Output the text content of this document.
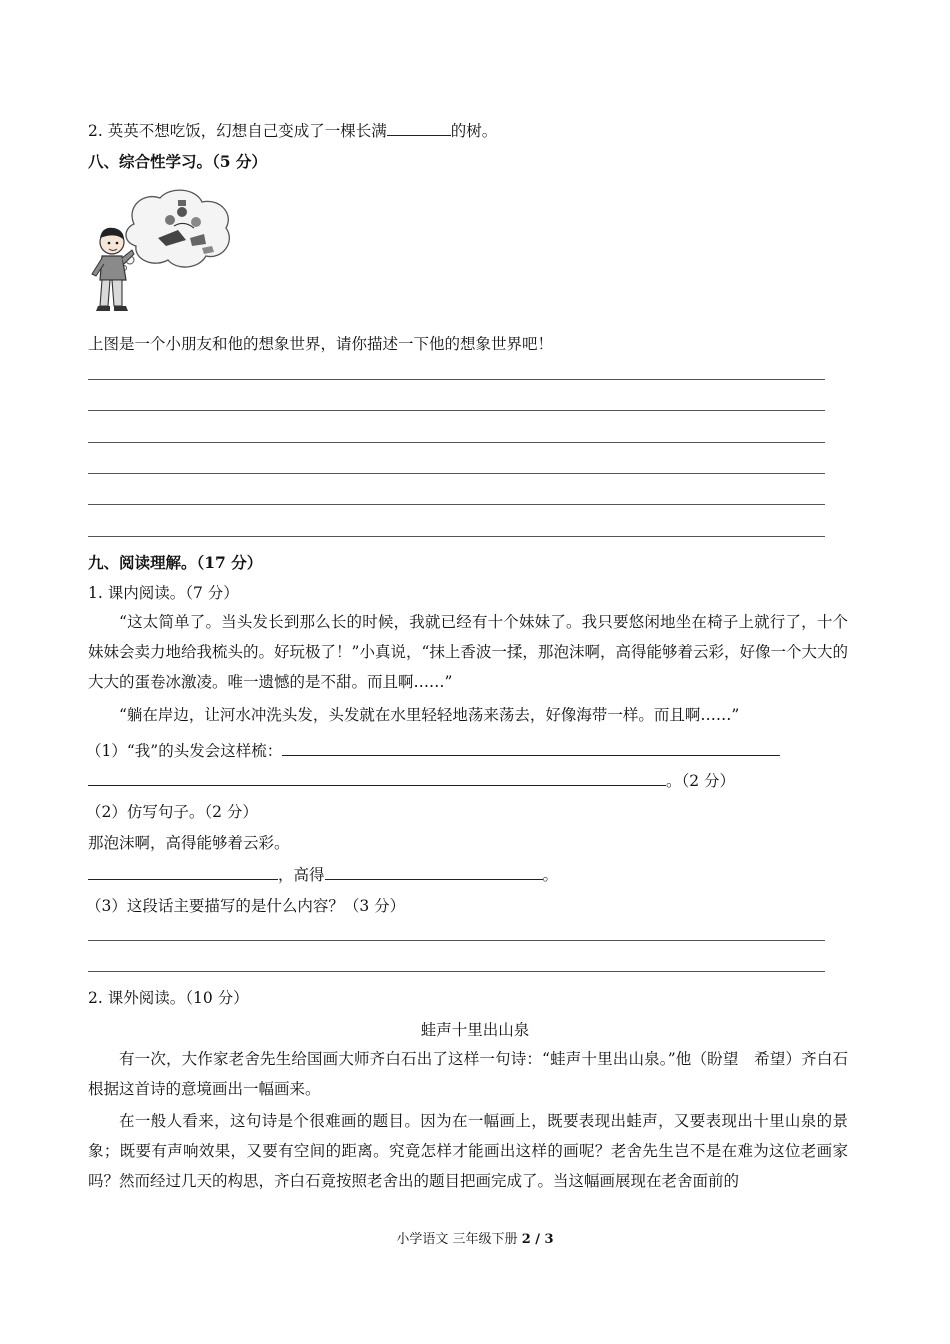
2. 英英不想吃饭，幻想自己变成了一棵长满	的树。
八、综合性学习。（5 分）
上图是一个小朋友和他的想象世界，请你描述一下他的想象世界吧！
九、阅读理解。（17 分）
1. 课内阅读。（7 分）
“这太简单了。当头发长到那么长的时候，我就已经有十个妹妹了。我只要悠闲地坐在椅子上就行了，十个妹妹会卖力地给我梳头的。好玩极了！”小真说，“抹上香波一揉，那泡沫啊，高得能够着云彩，好像一个大大的大大的蛋卷冰激凌。唯一遗憾的是不甜。而且啊……”
“躺在岸边，让河水冲洗头发，头发就在水里轻轻地荡来荡去，好像海带一样。而且啊……”
（1）“我”的头发会这样梳：
。（2 分）
（2）仿写句子。（2 分）
那泡沫啊，高得能够着云彩。
，高得	。
（3）这段话主要描写的是什么内容？（3 分）
2. 课外阅读。（10 分）
蛙声十里出山泉
有一次，大作家老舍先生给国画大师齐白石出了这样一句诗：“蛙声十里出山泉。”他（盼望　希望）齐白石根据这首诗的意境画出一幅画来。
在一般人看来，这句诗是个很难画的题目。因为在一幅画上，既要表现出蛙声，又要表现出十里山泉的景象；既要有声响效果，又要有空间的距离。究竟怎样才能画出这样的画呢？老舍先生岂不是在难为这位老画家吗？然而经过几天的构思，齐白石竟按照老舍出的题目把画完成了。当这幅画展现在老舍面前的
小学语文 三年级下册 2 / 3
